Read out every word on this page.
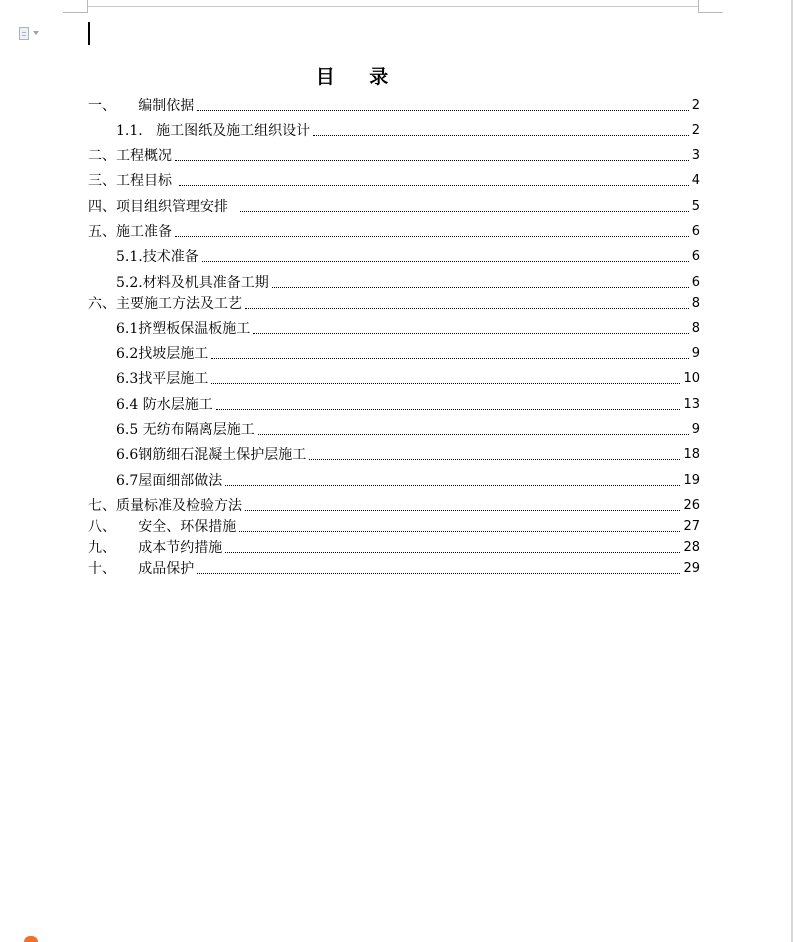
目 录
一、     编制依据	2
1.1.   施工图纸及施工组织设计	2
二、工程概况	3
三、工程目标	4
四、项目组织管理安排	5
五、施工准备	6
5.1.技术准备	6
5.2.材料及机具准备工期	6
六、主要施工方法及工艺	8
6.1挤塑板保温板施工	8
6.2找坡层施工	9
6.3找平层施工	10
6.4 防水层施工	13
6.5 无纺布隔离层施工	9
6.6钢筋细石混凝土保护层施工	18
6.7屋面细部做法	19
七、质量标准及检验方法	26
八、     安全、环保措施	27
九、     成本节约措施	28
十、     成品保护	29
